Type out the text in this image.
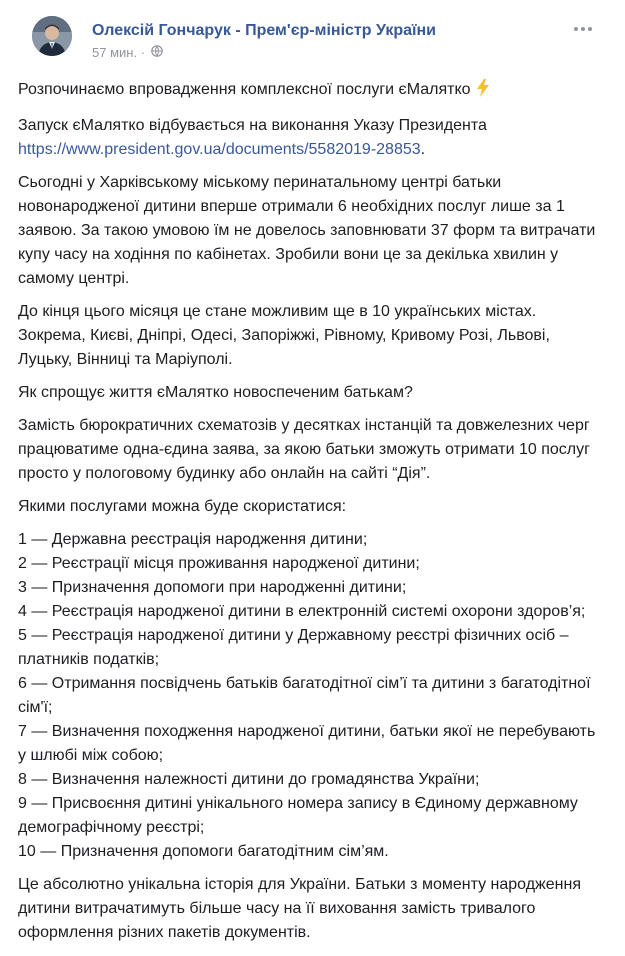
Олексій Гончарук - Прем'єр-міністр України
57 мин. ·

Розпочинаємо впровадження комплексної послуги єМалятко

Запуск єМалятко відбувається на виконання Указу Президента
https://www.president.gov.ua/documents/5582019-28853.

Сьогодні у Харківському міському перинатальному центрі батьки новонародженої дитини вперше отримали 6 необхідних послуг лише за 1 заявою. За такою умовою їм не довелось заповнювати 37 форм та витрачати купу часу на ходіння по кабінетах. Зробили вони це за декілька хвилин у самому центрі.

До кінця цього місяця це стане можливим ще в 10 українських містах. Зокрема, Києві, Дніпрі, Одесі, Запоріжжі, Рівному, Кривому Розі, Львові, Луцьку, Вінниці та Маріуполі.

Як спрощує життя єМалятко новоспеченим батькам?

Замість бюрократичних схематозів у десятках інстанцій та довжелезних черг працюватиме одна-єдина заява, за якою батьки зможуть отримати 10 послуг просто у пологовому будинку або онлайн на сайті “Дія”.

Якими послугами можна буде скористатися:

1 — Державна реєстрація народження дитини;
2 — Реєстрації місця проживання народженої дитини;
3 — Призначення допомоги при народженні дитини;
4 — Реєстрація народженої дитини в електронній системі охорони здоров’я;
5 — Реєстрація народженої дитини у Державному реєстрі фізичних осіб – платників податків;
6 — Отримання посвідчень батьків багатодітної сім’ї та дитини з багатодітної сім'ї;
7 — Визначення походження народженої дитини, батьки якої не перебувають у шлюбі між собою;
8 — Визначення належності дитини до громадянства України;
9 — Присвоєння дитині унікального номера запису в Єдиному державному демографічному реєстрі;
10 — Призначення допомоги багатодітним сім’ям.

Це абсолютно унікальна історія для України. Батьки з моменту народження дитини витрачатимуть більше часу на її виховання замість тривалого оформлення різних пакетів документів.
